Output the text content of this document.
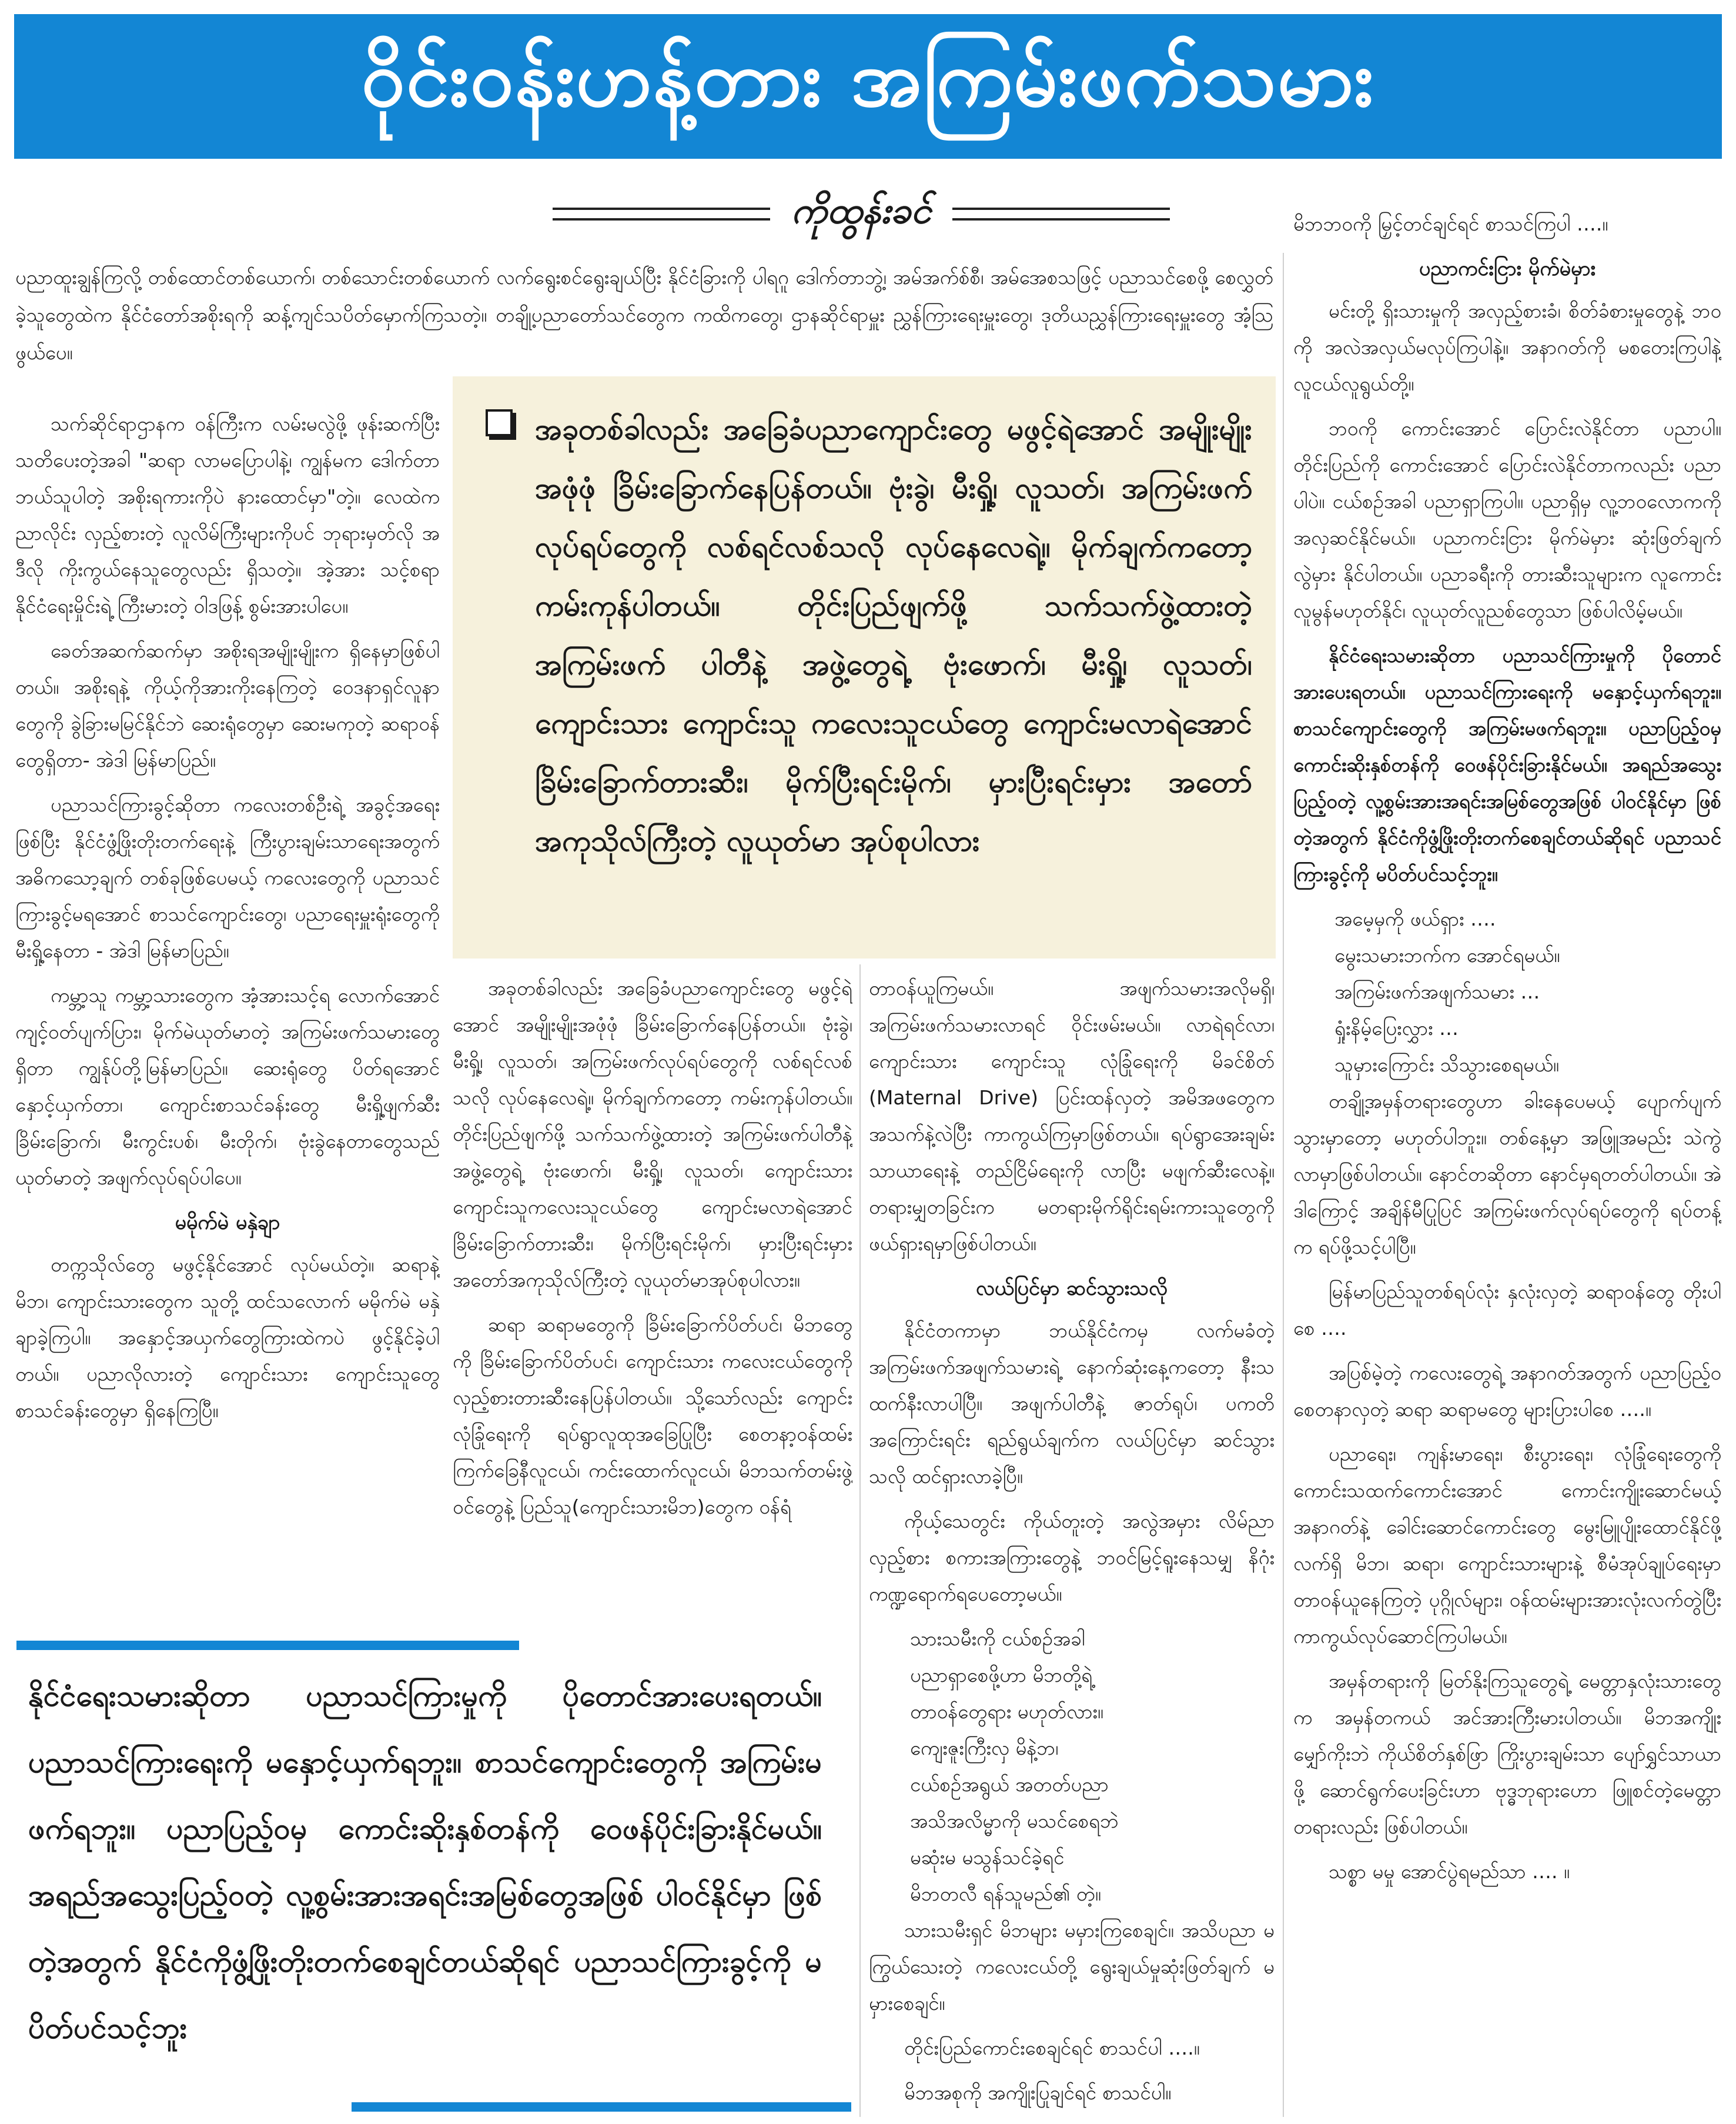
ဝိုင်းဝန်းဟန့်တား အကြမ်းဖက်သမား
ကိုထွန်းခင်

ပညာထူးချွန်ကြလို့ တစ်ထောင်တစ်ယောက်၊ တစ်သောင်းတစ်ယောက် လက်ရွေးစင်ရွေးချယ်ပြီး နိုင်ငံခြားကို ပါရဂူ ဒေါက်တာဘွဲ့၊ အမ်အက်စ်စီ၊ အမ်အေစသဖြင့် ပညာသင်စေဖို့ စေလွှတ်ခဲ့သူတွေထဲက နိုင်ငံတော်အစိုးရကို ဆန့်ကျင်သပိတ်မှောက်ကြသတဲ့။ တချို့ပညာတော်သင်တွေက ကထိကတွေ၊ ဌာနဆိုင်ရာမှူး ညွှန်ကြားရေးမှူးတွေ၊ ဒုတိယညွှန်ကြားရေးမှူးတွေ အံ့သြဖွယ်ပေ။

သက်ဆိုင်ရာဌာနက ဝန်ကြီးက လမ်းမလွဲဖို့ ဖုန်းဆက်ပြီး သတိပေးတဲ့အခါ "ဆရာ လာမပြောပါနဲ့၊ ကျွန်မက ဒေါက်တာဘယ်သူပါတဲ့ အစိုးရကားကိုပဲ နားထောင်မှာ"တဲ့။ လေထဲက ညာလိုင်း လှည့်စားတဲ့ လူလိမ်ကြီးများကိုပင် ဘုရားမှတ်လို အဒီလို ကိုးကွယ်နေသူတွေလည်း ရှိသတဲ့။ အဲ့အား သင့်စရာ နိုင်ငံရေးမှိုင်းရဲ့ ကြီးမားတဲ့ ဝါဒဖြန့် စွမ်းအားပါပေ။

ခေတ်အဆက်ဆက်မှာ အစိုးရအမျိုးမျိုးက ရှိနေမှာဖြစ်ပါတယ်။ အစိုးရနဲ့ ကိုယ့်ကိုအားကိုးနေကြတဲ့ ဝေဒနာရှင်လူနာတွေကို ခွဲခြားမမြင်နိုင်ဘဲ ဆေးရုံတွေမှာ ဆေးမကုတဲ့ ဆရာဝန်တွေရှိတာ- အဲဒါ မြန်မာပြည်။

ပညာသင်ကြားခွင့်ဆိုတာ ကလေးတစ်ဦးရဲ့ အခွင့်အရေးဖြစ်ပြီး နိုင်ငံဖွံ့ဖြိုးတိုးတက်ရေးနဲ့ ကြီးပွားချမ်းသာရေးအတွက် အဓိကသော့ချက် တစ်ခုဖြစ်ပေမယ့် ကလေးတွေကို ပညာသင်ကြားခွင့်မရအောင် စာသင်ကျောင်းတွေ၊ ပညာရေးမှူးရုံးတွေကို မီးရှို့နေတာ - အဲဒါ မြန်မာပြည်။

ကမ္ဘာ့သူ ကမ္ဘာ့သားတွေက အံ့အားသင့်ရ လောက်အောင် ကျင့်ဝတ်ပျက်ပြား၊ မိုက်မဲယုတ်မာတဲ့ အကြမ်းဖက်သမားတွေရှိတာ ကျွန်ုပ်တို့မြန်မာပြည်။ ဆေးရုံတွေ ပိတ်ရအောင် နှောင့်ယှက်တာ၊ ကျောင်းစာသင်ခန်းတွေ မီးရှို့ဖျက်ဆီးခြိမ်းခြောက်၊ မီးကွင်းပစ်၊ မီးတိုက်၊ ဗုံးခွဲနေတာတွေသည် ယုတ်မာတဲ့ အဖျက်လုပ်ရပ်ပါပေ။

မမိုက်မဲ မနှဲချာ

တက္ကသိုလ်တွေ မဖွင့်နိုင်အောင် လုပ်မယ်တဲ့။ ဆရာနဲ့ မိဘ၊ ကျောင်းသားတွေက သူတို့ ထင်သလောက် မမိုက်မဲ မနှဲချာခဲ့ကြပါ။ အနှောင့်အယှက်တွေကြားထဲကပဲ ဖွင့်နိုင်ခဲ့ပါတယ်။ ပညာလိုလားတဲ့ ကျောင်းသား ကျောင်းသူတွေ စာသင်ခန်းတွေမှာ ရှိနေကြပြီ။

အခုတစ်ခါလည်း အခြေခံပညာကျောင်းတွေ မဖွင့်ရဲအောင် အမျိုးမျိုး အဖုံဖုံ ခြိမ်းခြောက်နေပြန်တယ်။ ဗုံးခွဲ၊ မီးရှို့၊ လူသတ်၊ အကြမ်းဖက် လုပ်ရပ်တွေကို လစ်ရင်လစ်သလို လုပ်နေလေရဲ့။ မိုက်ချက်ကတော့ ကမ်းကုန်ပါတယ်။ တိုင်းပြည်ဖျက်ဖို့ သက်သက်ဖွဲ့ထားတဲ့ အကြမ်းဖက် ပါတီနဲ့ အဖွဲ့တွေရဲ့ ဗုံးဖောက်၊ မီးရှို့၊ လူသတ်၊ ကျောင်းသား ကျောင်းသူ ကလေးသူငယ်တွေ ကျောင်းမလာရဲအောင် ခြိမ်းခြောက်တားဆီး၊ မိုက်ပြီးရင်းမိုက်၊ မှားပြီးရင်းမှား အတော်အကုသိုလ်ကြီးတဲ့ လူယုတ်မာ အုပ်စုပါလား

အခုတစ်ခါလည်း အခြေခံပညာကျောင်းတွေ မဖွင့်ရဲအောင် အမျိုးမျိုးအဖုံဖုံ ခြိမ်းခြောက်နေပြန်တယ်။ ဗုံးခွဲ၊ မီးရှို့၊ လူသတ်၊ အကြမ်းဖက်လုပ်ရပ်တွေကို လစ်ရင်လစ်သလို လုပ်နေလေရဲ့။ မိုက်ချက်ကတော့ ကမ်းကုန်ပါတယ်။ တိုင်းပြည်ဖျက်ဖို့ သက်သက်ဖွဲ့ထားတဲ့ အကြမ်းဖက်ပါတီနဲ့ အဖွဲ့တွေရဲ့ ဗုံးဖောက်၊ မီးရှို့၊ လူသတ်၊ ကျောင်းသား ကျောင်းသူကလေးသူငယ်တွေ ကျောင်းမလာရဲအောင် ခြိမ်းခြောက်တားဆီး၊ မိုက်ပြီးရင်းမိုက်၊ မှားပြီးရင်းမှား အတော်အကုသိုလ်ကြီးတဲ့ လူယုတ်မာအုပ်စုပါလား။

ဆရာ ဆရာမတွေကို ခြိမ်းခြောက်ပိတ်ပင်၊ မိဘတွေကို ခြိမ်းခြောက်ပိတ်ပင်၊ ကျောင်းသား ကလေးငယ်တွေကို လှည့်စားတားဆီးနေပြန်ပါတယ်။ သို့သော်လည်း ကျောင်းလုံခြုံရေးကို ရပ်ရွာလူထုအခြေပြုပြီး စေတနာ့ဝန်ထမ်းကြက်ခြေနီလူငယ်၊ ကင်းထောက်လူငယ်၊ မိဘသက်တမ်းဖွဲ့ဝင်တွေနဲ့ ပြည်သူ(ကျောင်းသားမိဘ)တွေက ဝန်ရံ

တာဝန်ယူကြမယ်။ အဖျက်သမားအလိုမရှိ၊ အကြမ်းဖက်သမားလာရင် ဝိုင်းဖမ်းမယ်။ လာရဲရင်လာ၊ ကျောင်းသား ကျောင်းသူ လုံခြုံရေးကို မိခင်စိတ် (Maternal Drive) ပြင်းထန်လှတဲ့ အမိအဖတွေက အသက်နဲ့လဲပြီး ကာကွယ်ကြမှာဖြစ်တယ်။ ရပ်ရွာအေးချမ်းသာယာရေးနဲ့ တည်ငြိမ်ရေးကို လာပြီး မဖျက်ဆီးလေနဲ့။ တရားမျှတခြင်းက မတရားမိုက်ရိုင်းရမ်းကားသူတွေကို ဖယ်ရှားရမှာဖြစ်ပါတယ်။

လယ်ပြင်မှာ ဆင်သွားသလို

နိုင်ငံတကာမှာ ဘယ်နိုင်ငံကမှ လက်မခံတဲ့ အကြမ်းဖက်အဖျက်သမားရဲ့ နောက်ဆုံးနေ့ကတော့ နီးသထက်နီးလာပါပြီ။ အဖျက်ပါတီနဲ့ ဇာတ်ရုပ်၊ ပကတိအကြောင်းရင်း ရည်ရွယ်ချက်က လယ်ပြင်မှာ ဆင်သွားသလို ထင်ရှားလာခဲ့ပြီ။

ကိုယ့်သေတွင်း ကိုယ်တူးတဲ့ အလွဲအမှား လိမ်ညာလှည့်စား စကားအကြားတွေနဲ့ ဘဝင်မြင့်ရူးနေသမျှ နိဂုံးကဏ္ဍရောက်ရပေတော့မယ်။

သားသမီးကို ငယ်စဉ်အခါ

ပညာရှာစေဖို့ဟာ မိဘတို့ရဲ့

တာဝန်တွေရား မဟုတ်လား။

ကျေးဇူးကြီးလှ မိနဲ့ဘ၊

ငယ်စဉ်အရွယ် အတတ်ပညာ

အသိအလိမ္မာကို မသင်စေရဘဲ

မဆုံးမ မသွန်သင်ခဲ့ရင်

မိဘတလီ ရန်သူမည်၏ တဲ့။

သားသမီးရှင် မိဘများ မမှားကြစေချင်။ အသိပညာ မကြွယ်သေးတဲ့ ကလေးငယ်တို့ ရွေးချယ်မှုဆုံးဖြတ်ချက် မမှားစေချင်။

တိုင်းပြည်ကောင်းစေချင်ရင် စာသင်ပါ ….။

မိဘအစုကို အကျိုးပြုချင်ရင် စာသင်ပါ။

မိဘဘဝကို မြှင့်တင်ချင်ရင် စာသင်ကြပါ ….။

ပညာကင်းငြား မိုက်မဲမှား

မင်းတို့ ရှိးသားမှုကို အလှည့်စားခံ၊ စိတ်ခံစားမှုတွေနဲ့ ဘဝကို အလဲအလှယ်မလုပ်ကြပါနဲ့။ အနာဂတ်ကို မစတေးကြပါနဲ့ လူငယ်လူရွယ်တို့။

ဘဝကို ကောင်းအောင် ပြောင်းလဲနိုင်တာ ပညာပါ။ တိုင်းပြည်ကို ကောင်းအောင် ပြောင်းလဲနိုင်တာကလည်း ပညာပါပဲ။ ငယ်စဉ်အခါ ပညာရှာကြပါ။ ပညာရှိမှ လူ့ဘဝလောကကို အလှဆင်နိုင်မယ်။ ပညာကင်းငြား မိုက်မဲမှား ဆုံးဖြတ်ချက်လွဲမှား နိုင်ပါတယ်။ ပညာခရီးကို တားဆီးသူများက လူကောင်းလူမွန်မဟုတ်နိုင်၊ လူယုတ်လူညစ်တွေသာ ဖြစ်ပါလိမ့်မယ်။

နိုင်ငံရေးသမားဆိုတာ ပညာသင်ကြားမှုကို ပိုတောင် အားပေးရတယ်။ ပညာသင်ကြားရေးကို မနှောင့်ယှက်ရဘူး။ စာသင်ကျောင်းတွေကို အကြမ်းမဖက်ရဘူး။ ပညာပြည့်ဝမှ ကောင်းဆိုးနှစ်တန်ကို ဝေဖန်ပိုင်းခြားနိုင်မယ်။ အရည်အသွေးပြည့်ဝတဲ့ လူ့စွမ်းအားအရင်းအမြစ်တွေအဖြစ် ပါဝင်နိုင်မှာ ဖြစ်တဲ့အတွက် နိုင်ငံကိုဖွံ့ဖြိုးတိုးတက်စေချင်တယ်ဆိုရင် ပညာသင်ကြားခွင့်ကို မပိတ်ပင်သင့်ဘူး။

အမေ့မှကို ဖယ်ရှား ….

မွေးသမားဘက်က အောင်ရမယ်။

အကြမ်းဖက်အဖျက်သမား …

ရှုံးနိမ့်ပြေးလွှား …

သူမှားကြောင်း သိသွားစေရမယ်။

တချို့အမှန်တရားတွေဟာ ခါးနေပေမယ့် ပျောက်ပျက်သွားမှာတော့ မဟုတ်ပါဘူး။ တစ်နေ့မှာ အဖြူအမည်း သဲကွဲလာမှာဖြစ်ပါတယ်။ နောင်တဆိုတာ နောင်မှရတတ်ပါတယ်။ အဲဒါကြောင့် အချိန်မီပြုပြင် အကြမ်းဖက်လုပ်ရပ်တွေကို ရပ်တန့်က ရပ်ဖို့သင့်ပါပြီ။

မြန်မာပြည်သူတစ်ရပ်လုံး နှလုံးလှတဲ့ ဆရာဝန်တွေ တိုးပါစေ ….

အပြစ်မဲ့တဲ့ ကလေးတွေရဲ့ အနာဂတ်အတွက် ပညာပြည့်ဝစေတနာလှတဲ့ ဆရာ ဆရာမတွေ များပြားပါစေ ….။

ပညာရေး၊ ကျန်းမာရေး၊ စီးပွားရေး၊ လုံခြုံရေးတွေကို ကောင်းသထက်ကောင်းအောင် ကောင်းကျိုးဆောင်မယ့် အနာဂတ်နဲ့ ခေါင်းဆောင်ကောင်းတွေ မွေးမြူပျိုးထောင်နိုင်ဖို့ လက်ရှိ မိဘ၊ ဆရာ၊ ကျောင်းသားများနဲ့ စီမံအုပ်ချုပ်ရေးမှာ တာဝန်ယူနေကြတဲ့ ပုဂ္ဂိုလ်များ၊ ဝန်ထမ်းများအားလုံးလက်တွဲပြီး ကာကွယ်လုပ်ဆောင်ကြပါမယ်။

အမှန်တရားကို မြတ်နိုးကြသူတွေရဲ့ မေတ္တာနှလုံးသားတွေက အမှန်တကယ် အင်အားကြီးမားပါတယ်။ မိဘအကျိုး မျှော်ကိုးဘဲ ကိုယ်စိတ်နှစ်ဖြာ ကြိုးပွားချမ်းသာ ပျော်ရွှင်သာယာဖို့ ဆောင်ရွက်ပေးခြင်းဟာ ဗုဒ္ဓဘုရားဟော ဖြူစင်တဲ့မေတ္တာတရားလည်း ဖြစ်ပါတယ်။

သစ္စာ မမှု အောင်ပွဲရမည်သာ …. ။

နိုင်ငံရေးသမားဆိုတာ ပညာသင်ကြားမှုကို ပိုတောင်အားပေးရတယ်။ ပညာသင်ကြားရေးကို မနှောင့်ယှက်ရဘူး။ စာသင်ကျောင်းတွေကို အကြမ်းမဖက်ရဘူး။ ပညာပြည့်ဝမှ ကောင်းဆိုးနှစ်တန်ကို ဝေဖန်ပိုင်းခြားနိုင်မယ်။ အရည်အသွေးပြည့်ဝတဲ့ လူ့စွမ်းအားအရင်းအမြစ်တွေအဖြစ် ပါဝင်နိုင်မှာ ဖြစ်တဲ့အတွက် နိုင်ငံကိုဖွံ့ဖြိုးတိုးတက်စေချင်တယ်ဆိုရင် ပညာသင်ကြားခွင့်ကို မပိတ်ပင်သင့်ဘူး
